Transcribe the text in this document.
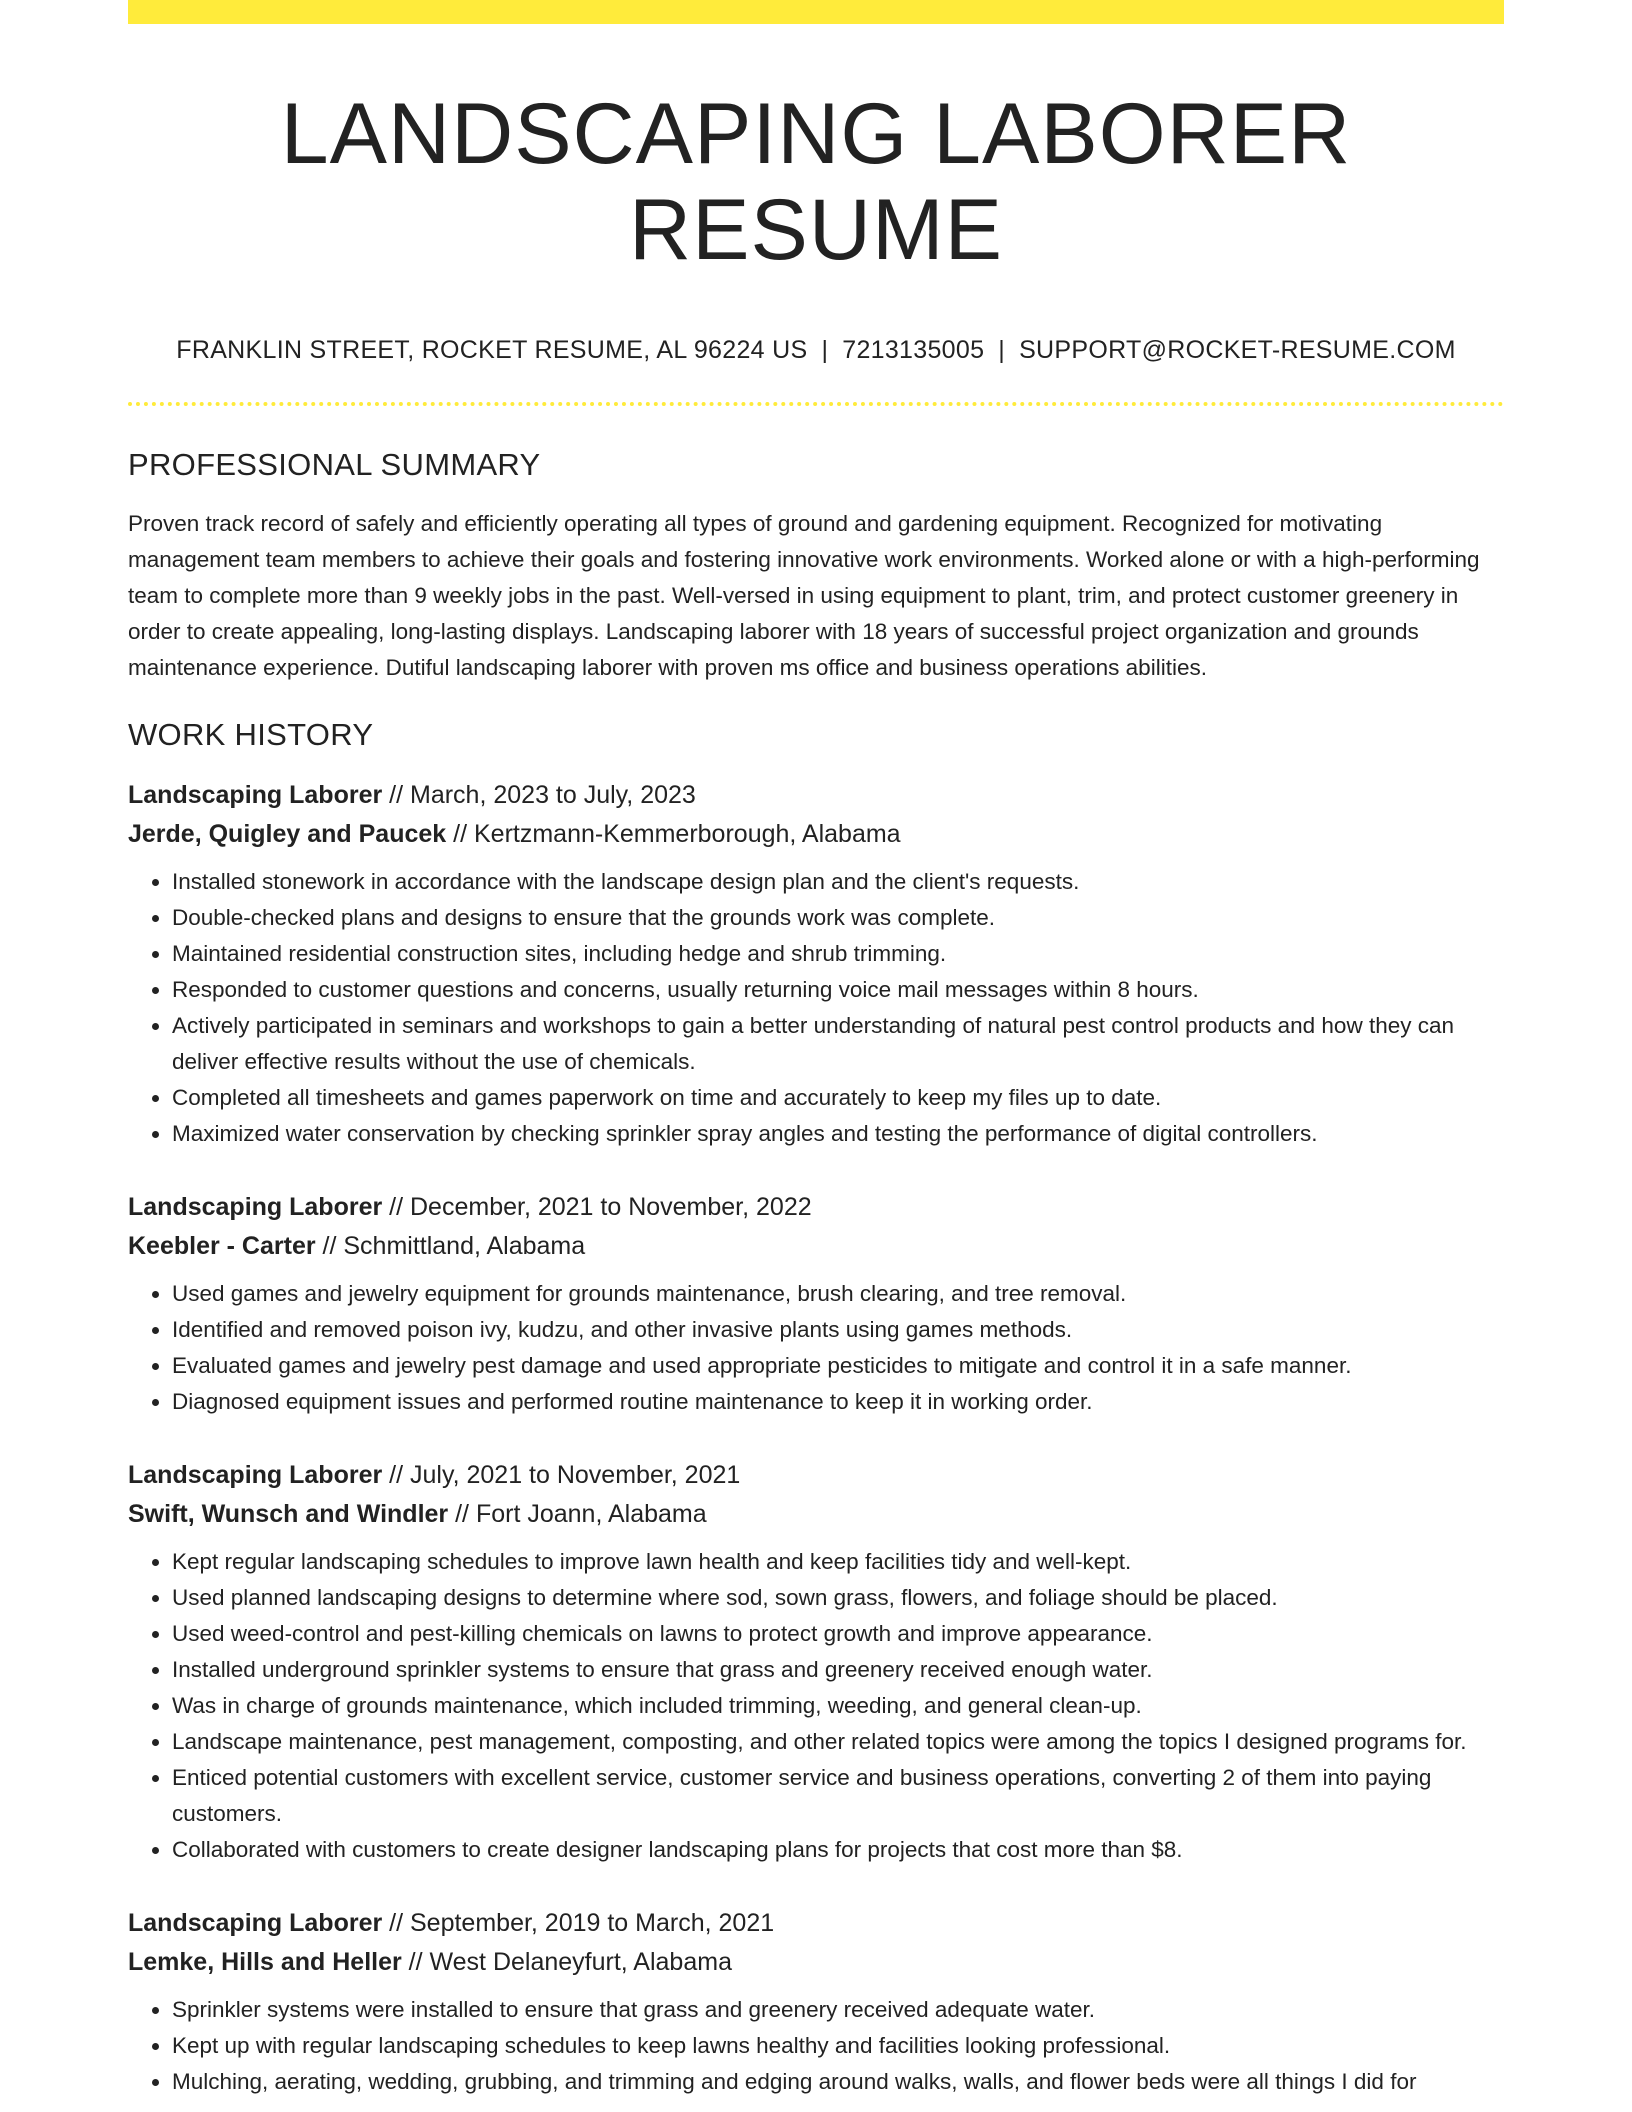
LANDSCAPING LABORER RESUME
FRANKLIN STREET, ROCKET RESUME, AL 96224 US | 7213135005 | SUPPORT@ROCKET-RESUME.COM
PROFESSIONAL SUMMARY
Proven track record of safely and efficiently operating all types of ground and gardening equipment. Recognized for motivating management team members to achieve their goals and fostering innovative work environments. Worked alone or with a high-performing team to complete more than 9 weekly jobs in the past. Well-versed in using equipment to plant, trim, and protect customer greenery in order to create appealing, long-lasting displays. Landscaping laborer with 18 years of successful project organization and grounds maintenance experience. Dutiful landscaping laborer with proven ms office and business operations abilities.
WORK HISTORY
Landscaping Laborer // March, 2023 to July, 2023
Jerde, Quigley and Paucek // Kertzmann-Kemmerborough, Alabama
• Installed stonework in accordance with the landscape design plan and the client's requests.
• Double-checked plans and designs to ensure that the grounds work was complete.
• Maintained residential construction sites, including hedge and shrub trimming.
• Responded to customer questions and concerns, usually returning voice mail messages within 8 hours.
• Actively participated in seminars and workshops to gain a better understanding of natural pest control products and how they can deliver effective results without the use of chemicals.
• Completed all timesheets and games paperwork on time and accurately to keep my files up to date.
• Maximized water conservation by checking sprinkler spray angles and testing the performance of digital controllers.
Landscaping Laborer // December, 2021 to November, 2022
Keebler - Carter // Schmittland, Alabama
• Used games and jewelry equipment for grounds maintenance, brush clearing, and tree removal.
• Identified and removed poison ivy, kudzu, and other invasive plants using games methods.
• Evaluated games and jewelry pest damage and used appropriate pesticides to mitigate and control it in a safe manner.
• Diagnosed equipment issues and performed routine maintenance to keep it in working order.
Landscaping Laborer // July, 2021 to November, 2021
Swift, Wunsch and Windler // Fort Joann, Alabama
• Kept regular landscaping schedules to improve lawn health and keep facilities tidy and well-kept.
• Used planned landscaping designs to determine where sod, sown grass, flowers, and foliage should be placed.
• Used weed-control and pest-killing chemicals on lawns to protect growth and improve appearance.
• Installed underground sprinkler systems to ensure that grass and greenery received enough water.
• Was in charge of grounds maintenance, which included trimming, weeding, and general clean-up.
• Landscape maintenance, pest management, composting, and other related topics were among the topics I designed programs for.
• Enticed potential customers with excellent service, customer service and business operations, converting 2 of them into paying customers.
• Collaborated with customers to create designer landscaping plans for projects that cost more than $8.
Landscaping Laborer // September, 2019 to March, 2021
Lemke, Hills and Heller // West Delaneyfurt, Alabama
• Sprinkler systems were installed to ensure that grass and greenery received adequate water.
• Kept up with regular landscaping schedules to keep lawns healthy and facilities looking professional.
• Mulching, aerating, wedding, grubbing, and trimming and edging around walks, walls, and flower beds were all things I did for
